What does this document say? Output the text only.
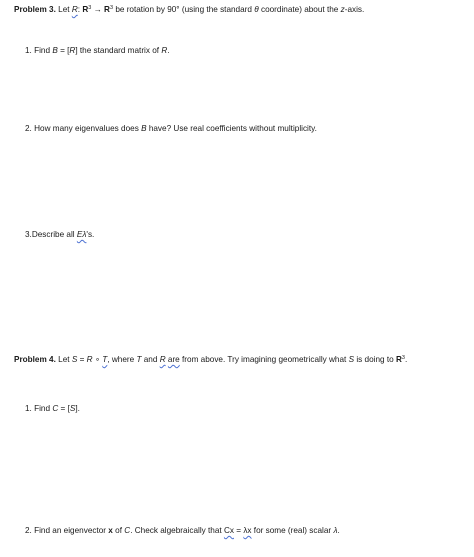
Problem 3. Let R: $R^3 \to R^3$ be rotation by 90° (using the standard θ coordinate) about the z-axis.
1. Find B = [R] the standard matrix of R.
2. How many eigenvalues does B have? Use real coefficients without multiplicity.
3.Describe all Eλ's.
Problem 4. Let S = R ∘ T, where T and R are from above. Try imagining geometrically what S is doing to $R^3$.
1. Find C = [S].
2. Find an eigenvector x of C. Check algebraically that Cx = λx for some (real) scalar λ.
